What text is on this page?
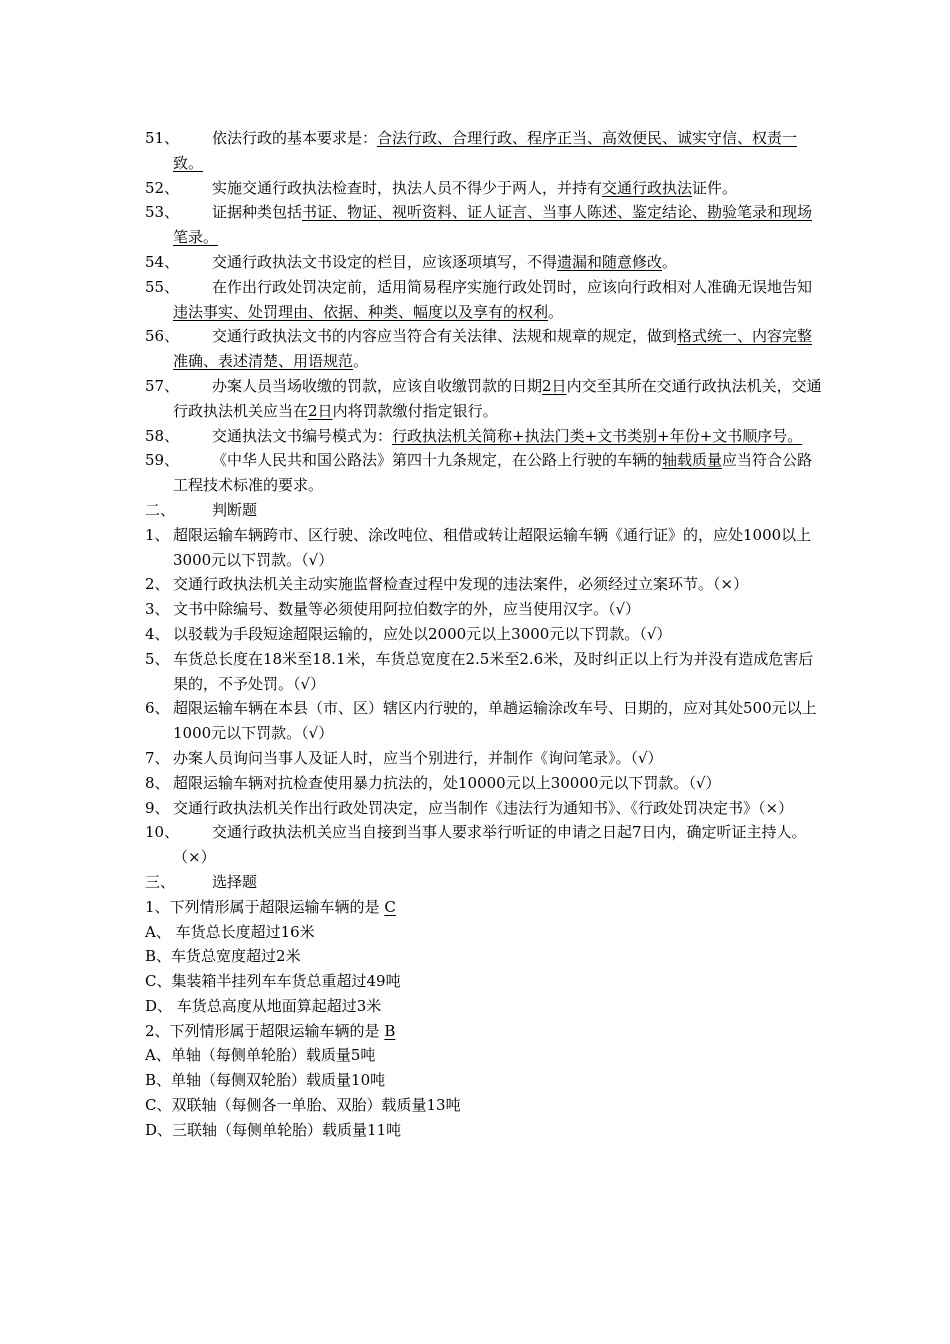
51、 依法行政的基本要求是：合法行政、合理行政、程序正当、高效便民、诚实守信、权责一致。
52、 实施交通行政执法检查时，执法人员不得少于两人，并持有交通行政执法证件。
53、 证据种类包括书证、物证、视听资料、证人证言、当事人陈述、鉴定结论、勘验笔录和现场笔录。
54、 交通行政执法文书设定的栏目，应该逐项填写，不得遗漏和随意修改。
55、 在作出行政处罚决定前，适用简易程序实施行政处罚时，应该向行政相对人准确无误地告知违法事实、处罚理由、依据、种类、幅度以及享有的权利。
56、 交通行政执法文书的内容应当符合有关法律、法规和规章的规定，做到格式统一、内容完整准确、表述清楚、用语规范。
57、 办案人员当场收缴的罚款，应该自收缴罚款的日期2日内交至其所在交通行政执法机关，交通行政执法机关应当在2日内将罚款缴付指定银行。
58、 交通执法文书编号模式为：行政执法机关简称+执法门类+文书类别+年份+文书顺序号。
59、 《中华人民共和国公路法》第四十九条规定，在公路上行驶的车辆的轴载质量应当符合公路工程技术标准的要求。
二、 判断题
1、 超限运输车辆跨市、区行驶、涂改吨位、租借或转让超限运输车辆《通行证》的，应处1000以上3000元以下罚款。（√）
2、 交通行政执法机关主动实施监督检查过程中发现的违法案件，必须经过立案环节。（×）
3、 文书中除编号、数量等必须使用阿拉伯数字的外，应当使用汉字。（√）
4、 以驳载为手段短途超限运输的，应处以2000元以上3000元以下罚款。（√）
5、 车货总长度在18米至18.1米，车货总宽度在2.5米至2.6米，及时纠正以上行为并没有造成危害后果的，不予处罚。（√）
6、 超限运输车辆在本县（市、区）辖区内行驶的，单趟运输涂改车号、日期的，应对其处500元以上1000元以下罚款。（√）
7、 办案人员询问当事人及证人时，应当个别进行，并制作《询问笔录》。（√）
8、 超限运输车辆对抗检查使用暴力抗法的，处10000元以上30000元以下罚款。（√）
9、 交通行政执法机关作出行政处罚决定，应当制作《违法行为通知书》、《行政处罚决定书》（×）
10、 交通行政执法机关应当自接到当事人要求举行听证的申请之日起7日内，确定听证主持人。（×）
三、 选择题
1、下列情形属于超限运输车辆的是 C
A、 车货总长度超过16米
B、车货总宽度超过2米
C、集装箱半挂列车车货总重超过49吨
D、 车货总高度从地面算起超过3米
2、下列情形属于超限运输车辆的是 B
A、单轴（每侧单轮胎）载质量5吨
B、单轴（每侧双轮胎）载质量10吨
C、双联轴（每侧各一单胎、双胎）载质量13吨
D、三联轴（每侧单轮胎）载质量11吨
